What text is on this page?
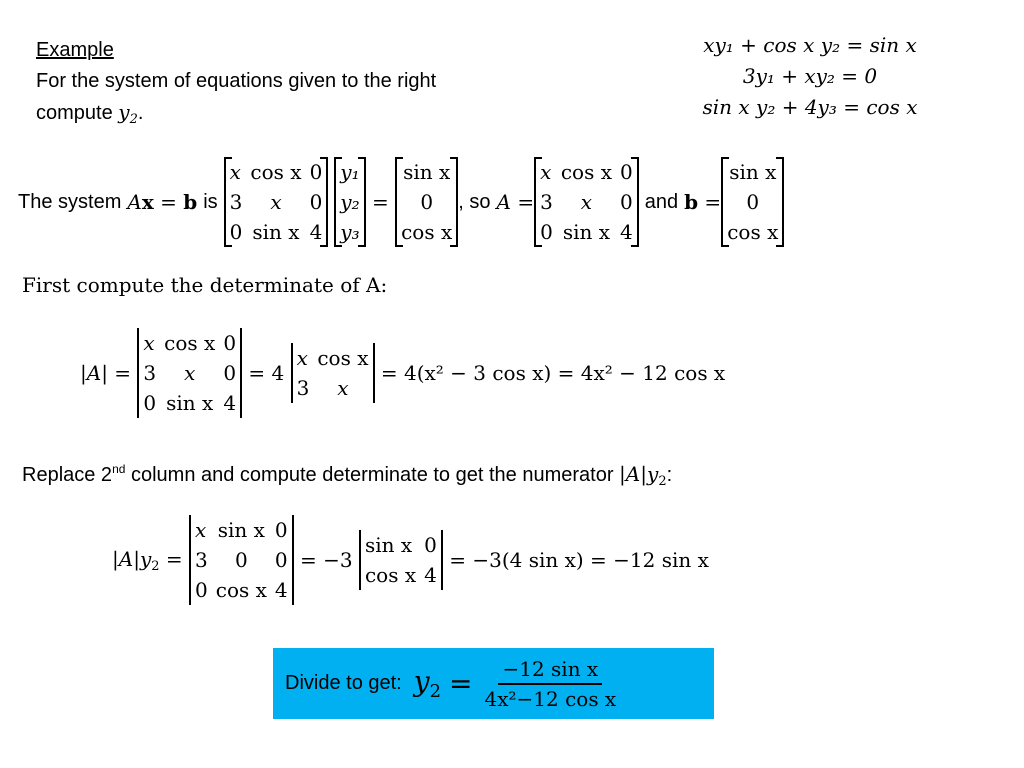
Example
For the system of equations given to the right
compute $y_2$.
xy₁ + cos x y₂ = sin x
3y₁ + xy₂ = 0
sin x y₂ + 4y₃ = cos x
The system Ax = b is
x
3
0
cos x
x
sin x
0
0
4
y₁
y₂
y₃
=
sin x
0
cos x
, so A =
x
3
0
cos x
x
sin x
0
0
4
and b =
sin x
0
cos x
First compute the determinate of A:
|A| =
x
3
0
cos x
x
sin x
0
0
4
= 4
x
3
cos x
x

= 4(x² − 3 cos x) = 4x² − 12 cos x
Replace 2nd column and compute determinate to get the numerator $|A|y_2$:
$|A|y_2$ =
x
3
0
sin x
0
cos x
0
0
4
= −3
sin x
cos x
0
4

= −3(4 sin x) = −12 sin x
Divide to get: $y_2 = \frac{\text{−12 sin x}}{\text{4x²−12 cos x}}$
